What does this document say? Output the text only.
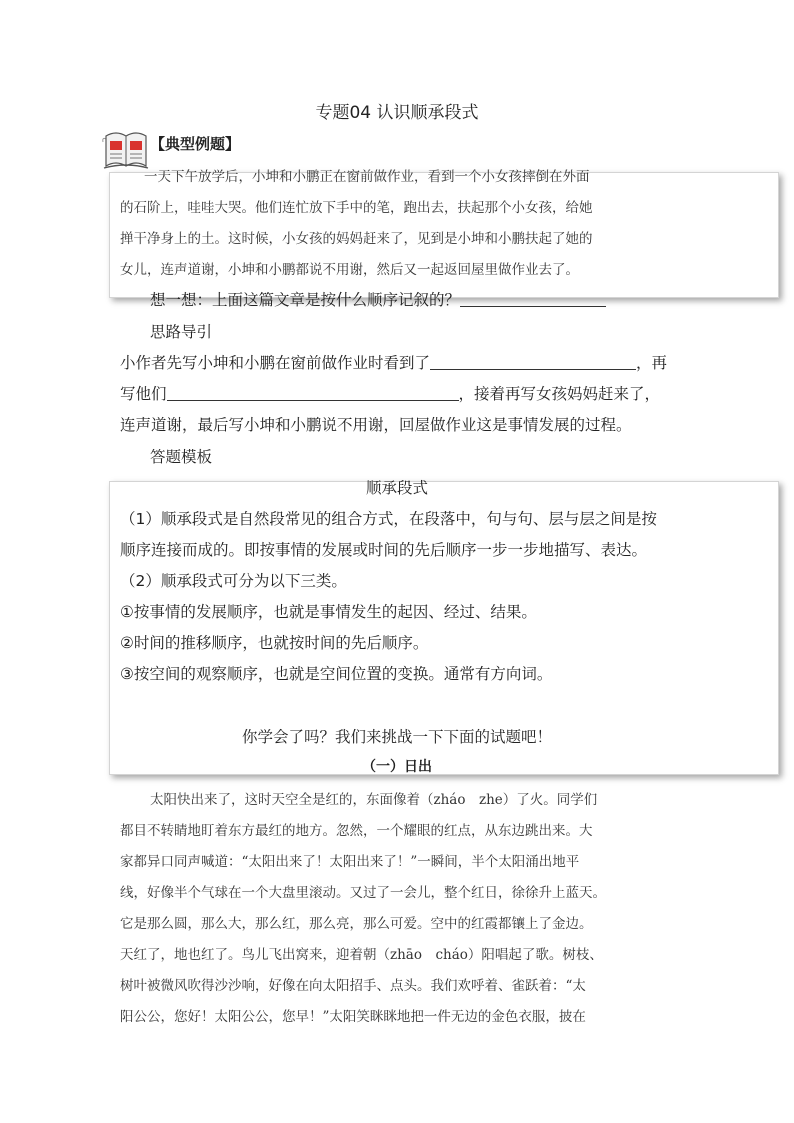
专题04 认识顺承段式
【典型例题】
一天下午放学后，小坤和小鹏正在窗前做作业，看到一个小女孩摔倒在外面
的石阶上，哇哇大哭。他们连忙放下手中的笔，跑出去，扶起那个小女孩，给她
掸干净身上的土。这时候，小女孩的妈妈赶来了，见到是小坤和小鹏扶起了她的
女儿，连声道谢，小坤和小鹏都说不用谢，然后又一起返回屋里做作业去了。
想一想：上面这篇文章是按什么顺序记叙的？
思路导引
小作者先写小坤和小鹏在窗前做作业时看到了	，再
写他们	，接着再写女孩妈妈赶来了，
连声道谢，最后写小坤和小鹏说不用谢，回屋做作业这是事情发展的过程。
答题模板
顺承段式
（1）顺承段式是自然段常见的组合方式，在段落中，句与句、层与层之间是按
顺序连接而成的。即按事情的发展或时间的先后顺序一步一步地描写、表达。
（2）顺承段式可分为以下三类。
①按事情的发展顺序，也就是事情发生的起因、经过、结果。
②时间的推移顺序，也就按时间的先后顺序。
③按空间的观察顺序，也就是空间位置的变换。通常有方向词。
你学会了吗？我们来挑战一下下面的试题吧！
（一）日出
太阳快出来了，这时天空全是红的，东面像着（zháo　zhe）了火。同学们
都目不转睛地盯着东方最红的地方。忽然，一个耀眼的红点，从东边跳出来。大
家都异口同声喊道：“太阳出来了！太阳出来了！”一瞬间，半个太阳涌出地平
线，好像半个气球在一个大盘里滚动。又过了一会儿，整个红日，徐徐升上蓝天。
它是那么圆，那么大，那么红，那么亮，那么可爱。空中的红霞都镶上了金边。
天红了，地也红了。鸟儿飞出窝来，迎着朝（zhāo　cháo）阳唱起了歌。树枝、
树叶被微风吹得沙沙响，好像在向太阳招手、点头。我们欢呼着、雀跃着：“太
阳公公，您好！太阳公公，您早！”太阳笑眯眯地把一件无边的金色衣服，披在
